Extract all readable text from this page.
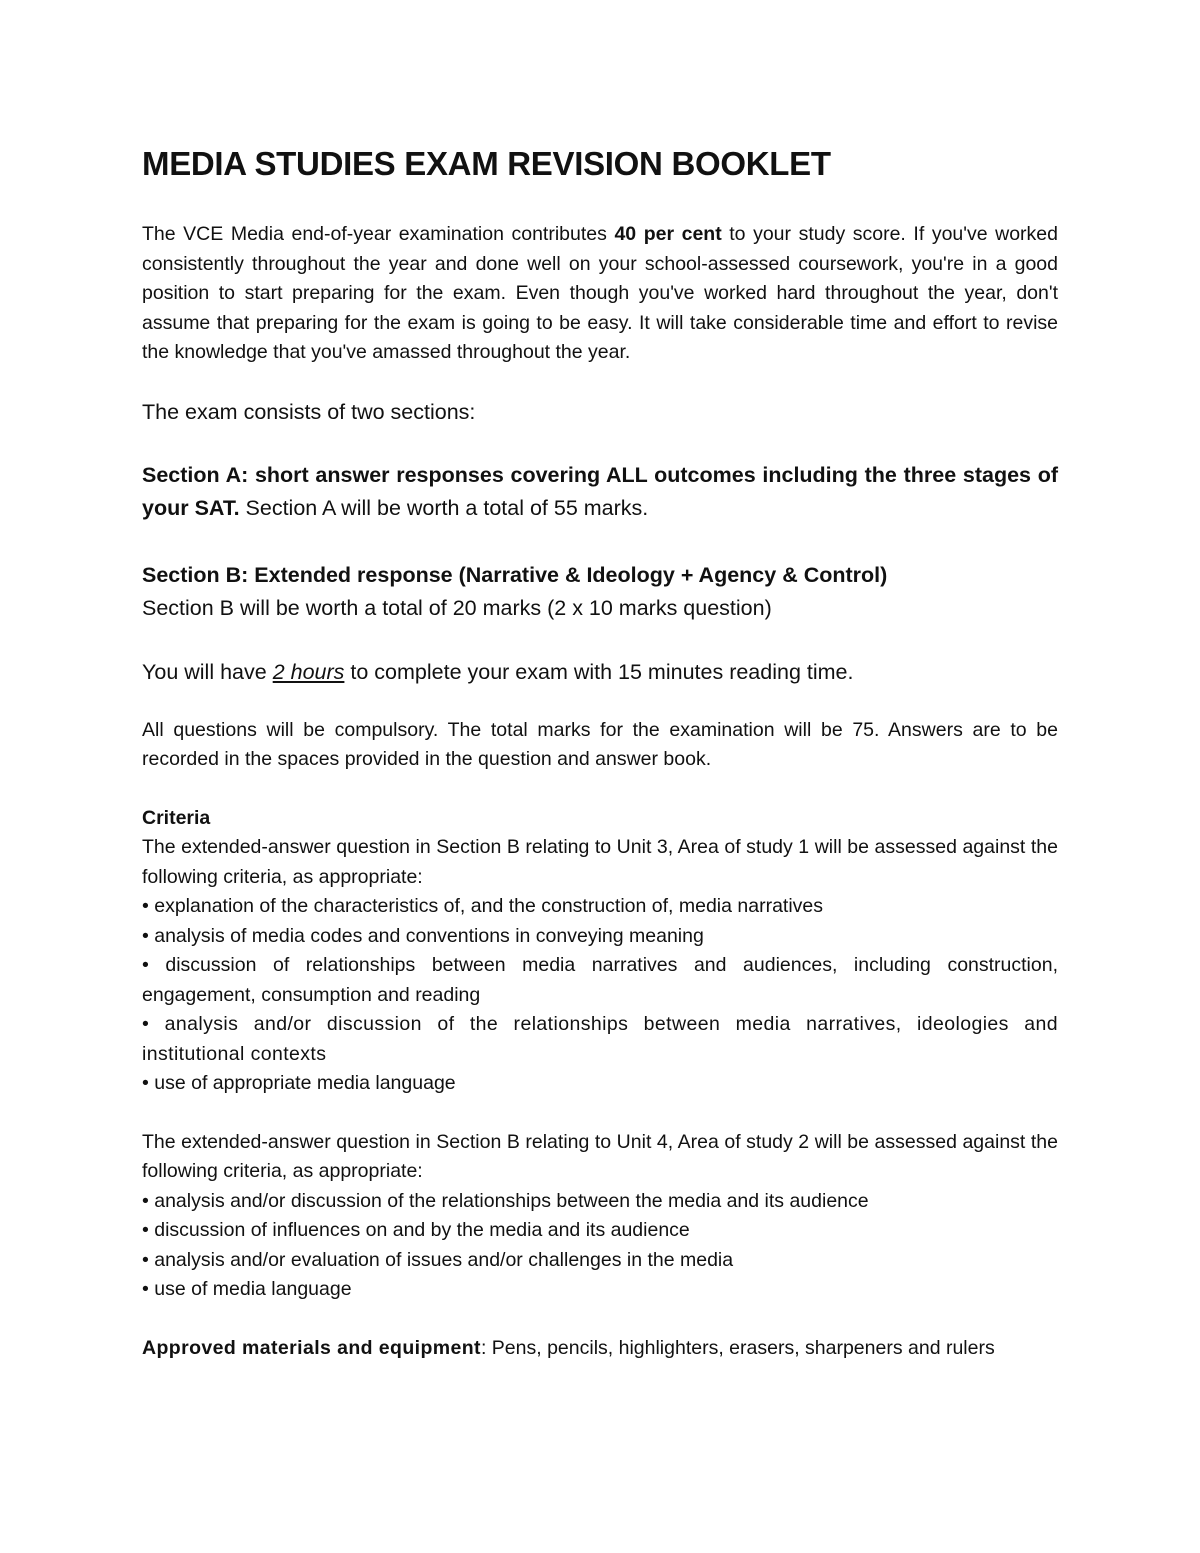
MEDIA STUDIES EXAM REVISION BOOKLET

The VCE Media end-of-year examination contributes 40 per cent to your study score. If you've worked consistently throughout the year and done well on your school-assessed coursework, you're in a good position to start preparing for the exam. Even though you've worked hard throughout the year, don't assume that preparing for the exam is going to be easy. It will take considerable time and effort to revise the knowledge that you've amassed throughout the year.

The exam consists of two sections:

Section A: short answer responses covering ALL outcomes including the three stages of your SAT. Section A will be worth a total of 55 marks.

Section B: Extended response (Narrative & Ideology + Agency & Control)
Section B will be worth a total of 20 marks (2 x 10 marks question)

You will have 2 hours to complete your exam with 15 minutes reading time.

All questions will be compulsory. The total marks for the examination will be 75. Answers are to be recorded in the spaces provided in the question and answer book.

Criteria
The extended-answer question in Section B relating to Unit 3, Area of study 1 will be assessed against the following criteria, as appropriate:
• explanation of the characteristics of, and the construction of, media narratives
• analysis of media codes and conventions in conveying meaning
• discussion of relationships between media narratives and audiences, including construction, engagement, consumption and reading
• analysis and/or discussion of the relationships between media narratives, ideologies and institutional contexts
• use of appropriate media language
The extended-answer question in Section B relating to Unit 4, Area of study 2 will be assessed against the following criteria, as appropriate:
• analysis and/or discussion of the relationships between the media and its audience
• discussion of influences on and by the media and its audience
• analysis and/or evaluation of issues and/or challenges in the media
• use of media language

Approved materials and equipment: Pens, pencils, highlighters, erasers, sharpeners and rulers
